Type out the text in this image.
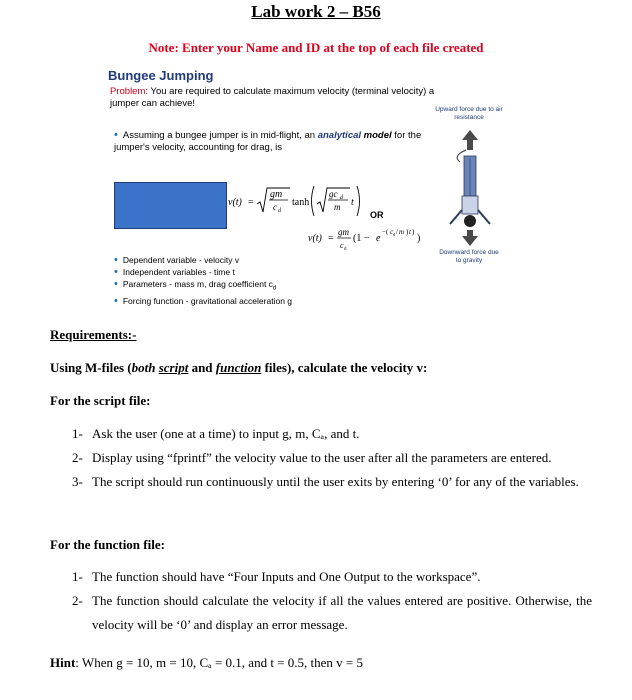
Lab work 2 – B56
Note: Enter your Name and ID at the top of each file created
Bungee Jumping
Problem: You are required to calculate maximum velocity (terminal velocity) a jumper can achieve!
• Assuming a bungee jumper is in mid-flight, an analytical model for the jumper's velocity, accounting for drag, is
v(t) =
gm
c d
tanh
gc d
m t
OR
v(t) =
gm
c d
(1 − e
−( c d / m ) t )
)
• Dependent variable - velocity v
• Independent variables - time t
• Parameters - mass m, drag coefficient $c_d$
• Forcing function - gravitational acceleration g
Upward force due to air resistance
Downward force due to gravity
Requirements:-
Using M-files (both script and function files), calculate the velocity v:
For the script file:
1- Ask the user (one at a time) to input g, m, Cₐ, and t.
2- Display using “fprintf” the velocity value to the user after all the parameters are entered.
3- The script should run continuously until the user exits by entering ‘0’ for any of the variables.
For the function file:
1- The function should have “Four Inputs and One Output to the workspace”.
2- The function should calculate the velocity if all the values entered are positive. Otherwise, the velocity will be ‘0’ and display an error message.
Hint: When g = 10, m = 10, Cₐ = 0.1, and t = 0.5, then v = 5
